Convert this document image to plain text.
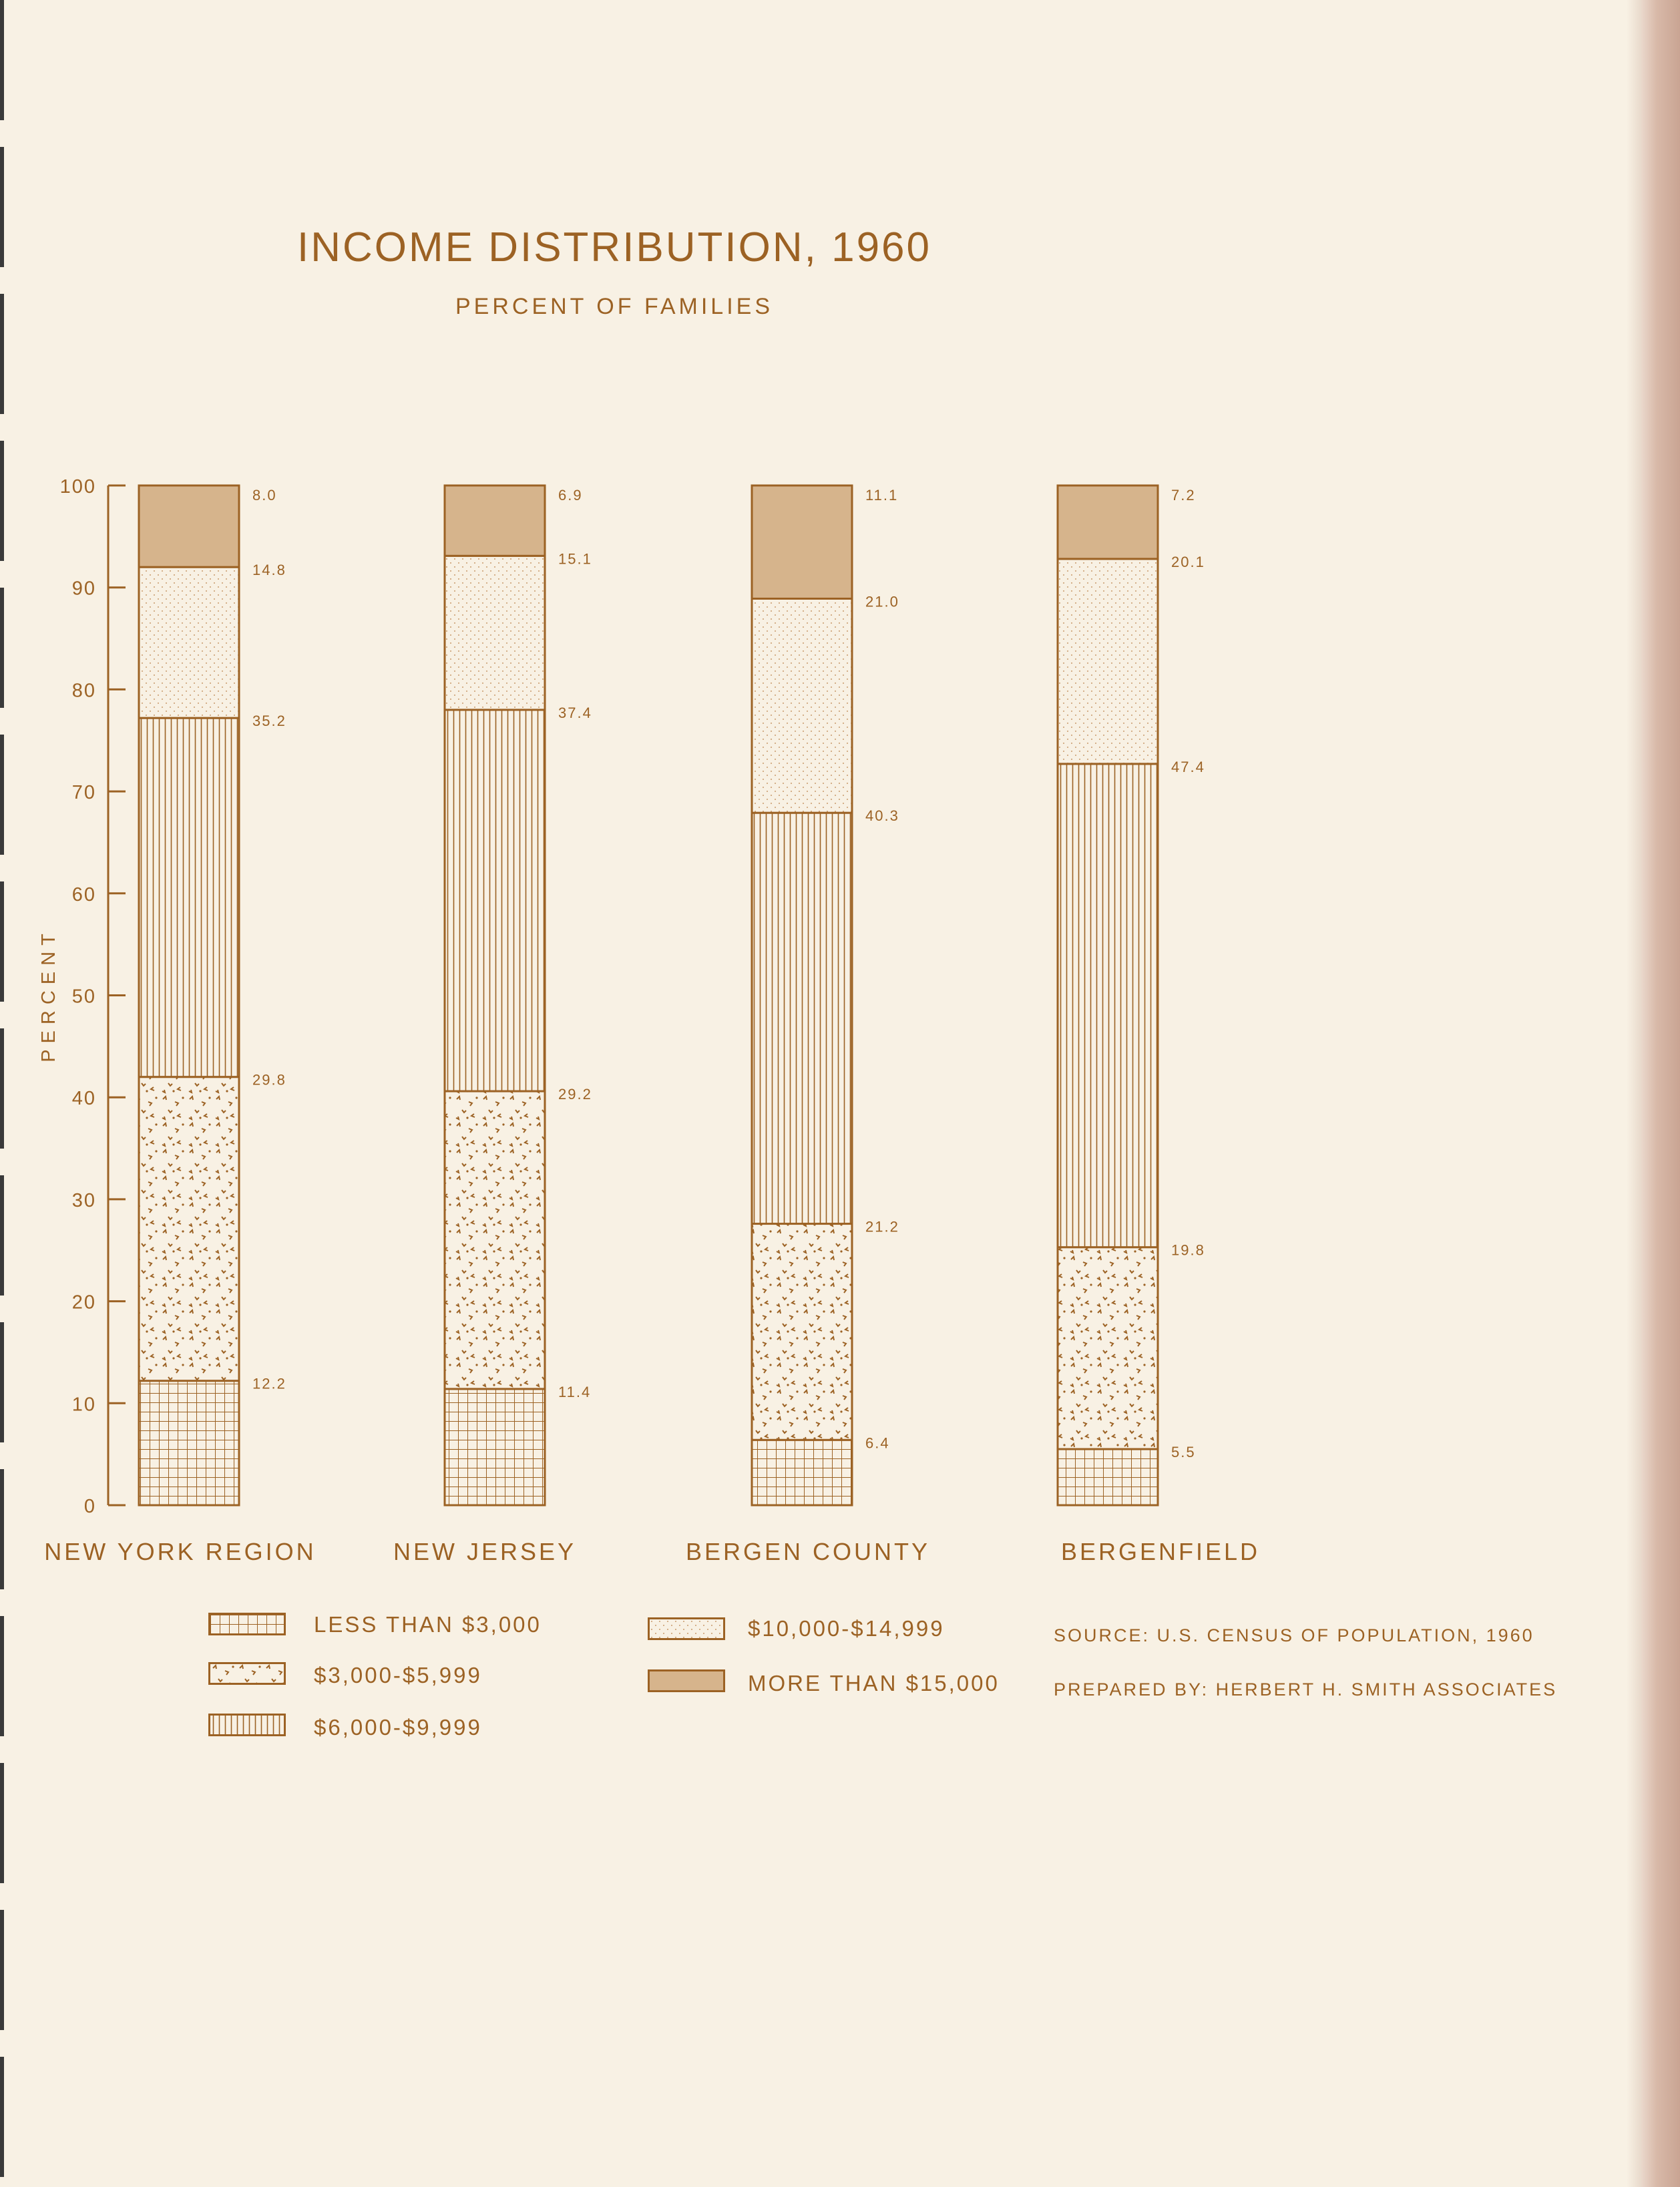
INCOME DISTRIBUTION, 1960
PERCENT OF FAMILIES
0
10
20
30
40
50
60
70
80
90
100
PERCENT
12.2
29.8
35.2
14.8
8.0
NEW YORK REGION
11.4
29.2
37.4
15.1
6.9
NEW JERSEY
6.4
21.2
40.3
21.0
11.1
BERGEN COUNTY
5.5
19.8
47.4
20.1
7.2
BERGENFIELD
LESS THAN $3,000
$3,000-$5,999
$6,000-$9,999
$10,000-$14,999
MORE THAN $15,000
SOURCE: U.S. CENSUS OF POPULATION, 1960
PREPARED BY: HERBERT H. SMITH ASSOCIATES
